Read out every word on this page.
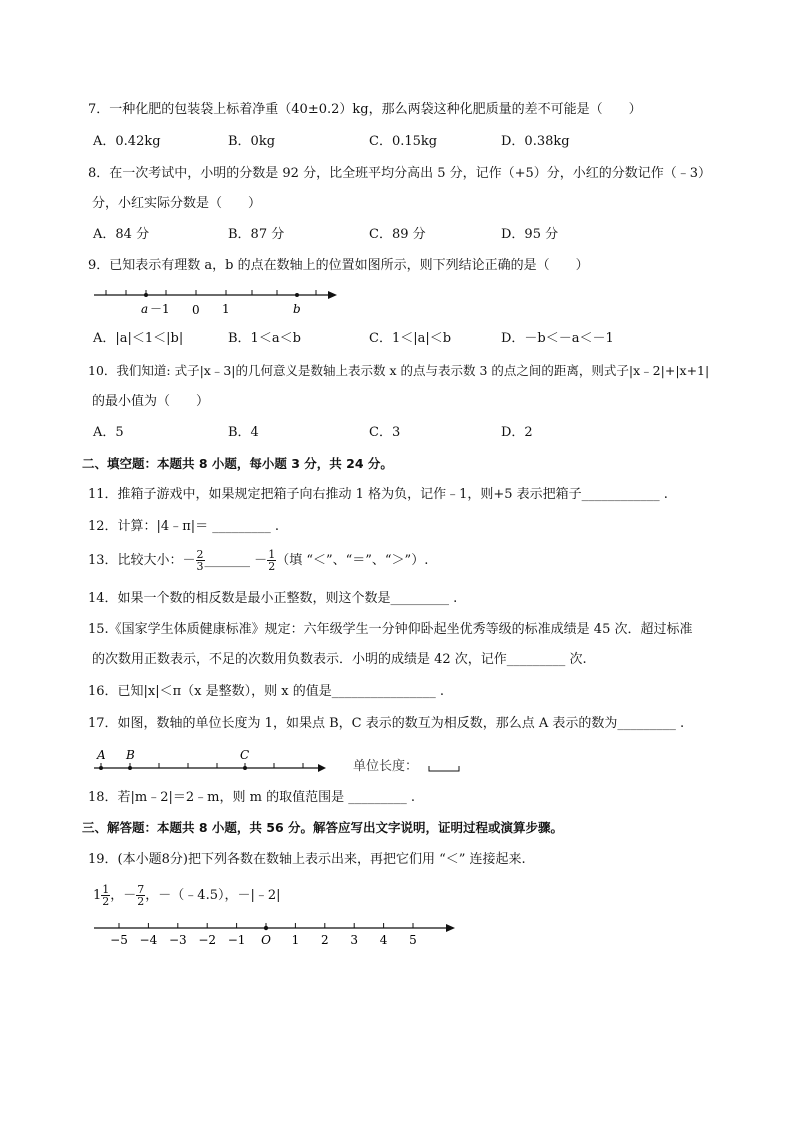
7．一种化肥的包装袋上标着净重（40±0.2）kg，那么两袋这种化肥质量的差不可能是（　　）
A．0.42kg	B．0kg	C．0.15kg	D．0.38kg
8．在一次考试中，小明的分数是 92 分，比全班平均分高出 5 分，记作（+5）分，小红的分数记作（﹣3）
分，小红实际分数是（　　）
A．84 分	B．87 分	C．89 分	D．95 分
9．已知表示有理数 a，b 的点在数轴上的位置如图所示，则下列结论正确的是（　　）
a －1 0 1	b
A．|a|＜1＜|b|	B．1＜a＜b	C．1＜|a|＜b	D．－b＜－a＜－1
10．我们知道: 式子|x﹣3|的几何意义是数轴上表示数 x 的点与表示数 3 的点之间的距离，则式子|x﹣2|+|x+1|
的最小值为（　　）
A．5	B．4	C．3	D．2
二、填空题：本题共 8 小题，每小题 3 分，共 24 分。
11．推箱子游戏中，如果规定把箱子向右推动 1 格为负，记作﹣1，则+5 表示把箱子____________ .
12．计算：|4﹣π|＝ _________ .
13．比较大小：－ $\frac{2}{3}$ _______ － $\frac{1}{2}$ （填 “＜”、“＝”、“＞”）.
14．如果一个数的相反数是最小正整数，则这个数是_________ .
15.《国家学生体质健康标准》规定：六年级学生一分钟仰卧起坐优秀等级的标准成绩是 45 次．超过标准
的次数用正数表示，不足的次数用负数表示．小明的成绩是 42 次，记作_________ 次.
16．已知|x|＜π（x 是整数），则 x 的值是________________ .
17．如图，数轴的单位长度为 1，如果点 B，C 表示的数互为相反数，那么点 A 表示的数为_________ .
A B	C
单位长度：
18．若|m﹣2|＝2﹣m，则 m 的取值范围是 _________ .
三、解答题：本题共 8 小题，共 56 分。解答应写出文字说明，证明过程或演算步骤。
19．(本小题8分)把下列各数在数轴上表示出来，再把它们用 “＜” 连接起来.
$1 \frac{1}{2}$ ，－ $\frac{7}{2}$ ，－（﹣4.5），－|﹣2|
−5 −4 −3 −2 −1 O 1 2 3 4 5
